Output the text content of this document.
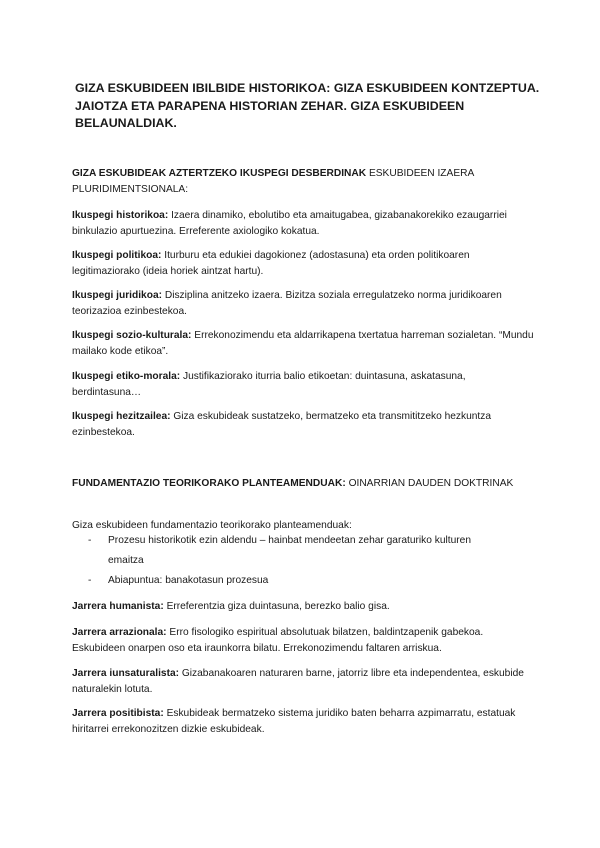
GIZA ESKUBIDEEN IBILBIDE HISTORIKOA: GIZA ESKUBIDEEN KONTZEPTUA. JAIOTZA ETA PARAPENA HISTORIAN ZEHAR. GIZA ESKUBIDEEN BELAUNALDIAK.

GIZA ESKUBIDEAK AZTERTZEKO IKUSPEGI DESBERDINAK ESKUBIDEEN IZAERA PLURIDIMENTSIONALA:

Ikuspegi historikoa: Izaera dinamiko, ebolutibo eta amaitugabea, gizabanakorekiko ezaugarriei binkulazio apurtuezina. Erreferente axiologiko kokatua.

Ikuspegi politikoa: Iturburu eta edukiei dagokionez (adostasuna) eta orden politikoaren legitimaziorako (ideia horiek aintzat hartu).

Ikuspegi juridikoa: Disziplina anitzeko izaera. Bizitza soziala erregulatzeko norma juridikoaren teorizazioa ezinbestekoa.

Ikuspegi sozio-kulturala: Errekonozimendu eta aldarrikapena txertatua harreman sozialetan. “Mundu mailako kode etikoa”.

Ikuspegi etiko-morala: Justifikaziorako iturria balio etikoetan: duintasuna, askatasuna, berdintasuna…

Ikuspegi hezitzailea: Giza eskubideak sustatzeko, bermatzeko eta transmititzeko hezkuntza ezinbestekoa.

FUNDAMENTAZIO TEORIKORAKO PLANTEAMENDUAK: OINARRIAN DAUDEN DOKTRINAK

Giza eskubideen fundamentazio teorikorako planteamenduak:

- Prozesu historikotik ezin aldendu – hainbat mendeetan zehar garaturiko kulturen emaitza
- Abiapuntua: banakotasun prozesua

Jarrera humanista: Erreferentzia giza duintasuna, berezko balio gisa.

Jarrera arrazionala: Erro fisologiko espiritual absolutuak bilatzen, baldintzapenik gabekoa. Eskubideen onarpen oso eta iraunkorra bilatu. Errekonozimendu faltaren arriskua.

Jarrera iunsaturalista: Gizabanakoaren naturaren barne, jatorriz libre eta independentea, eskubide naturalekin lotuta.

Jarrera positibista: Eskubideak bermatzeko sistema juridiko baten beharra azpimarratu, estatuak hiritarrei errekonozitzen dizkie eskubideak.
